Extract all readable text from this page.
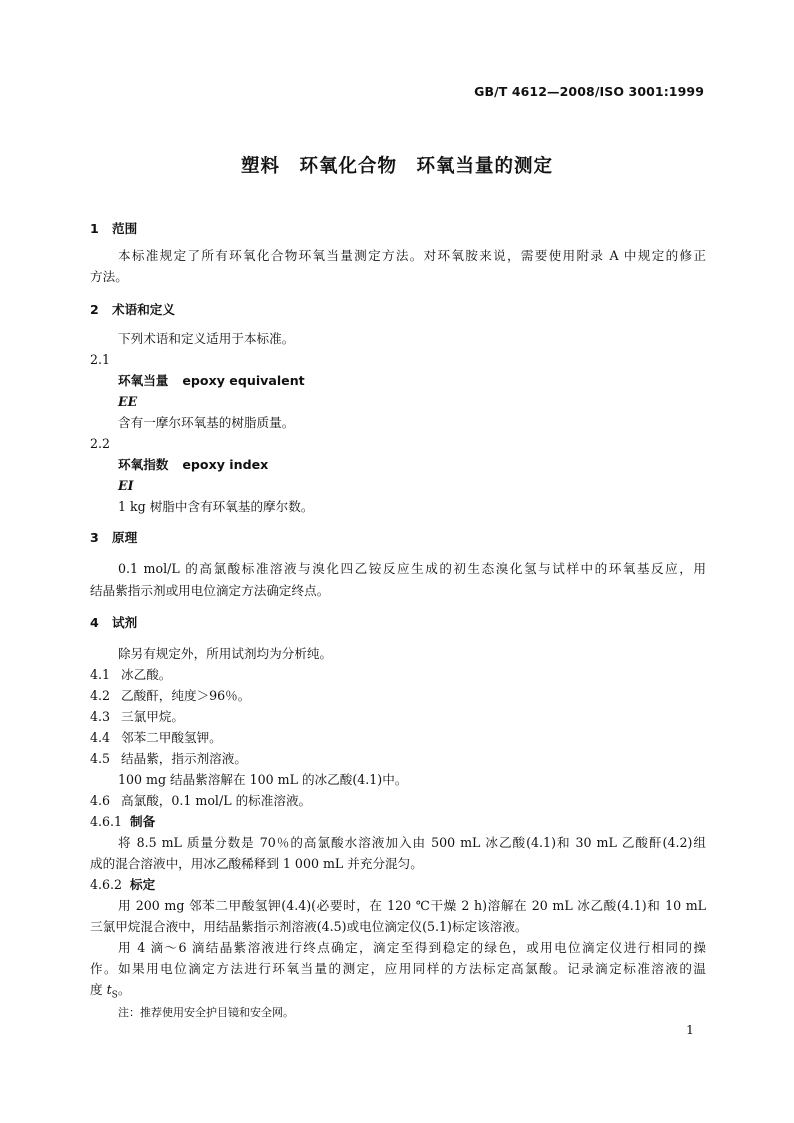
GB/T 4612—2008/ISO 3001:1999
塑料　环氧化合物　环氧当量的测定
1 范围
本标准规定了所有环氧化合物环氧当量测定方法。对环氧胺来说，需要使用附录 A 中规定的修正
方法。
2 术语和定义
下列术语和定义适用于本标准。
2.1
环氧当量 epoxy equivalent
EE
含有一摩尔环氧基的树脂质量。
2.2
环氧指数 epoxy index
EI
1 kg 树脂中含有环氧基的摩尔数。
3 原理
0.1 mol/L 的高氯酸标准溶液与溴化四乙铵反应生成的初生态溴化氢与试样中的环氧基反应，用
结晶紫指示剂或用电位滴定方法确定终点。
4 试剂
除另有规定外，所用试剂均为分析纯。
4.1 冰乙酸。
4.2 乙酸酐，纯度＞96％。
4.3 三氯甲烷。
4.4 邻苯二甲酸氢钾。
4.5 结晶紫，指示剂溶液。
100 mg 结晶紫溶解在 100 mL 的冰乙酸(4.1)中。
4.6 高氯酸，0.1 mol/L 的标准溶液。
4.6.1 制备
将 8.5 mL 质量分数是 70％的高氯酸水溶液加入由 500 mL 冰乙酸(4.1)和 30 mL 乙酸酐(4.2)组
成的混合溶液中，用冰乙酸稀释到 1 000 mL 并充分混匀。
4.6.2 标定
用 200 mg 邻苯二甲酸氢钾(4.4)(必要时，在 120 ℃干燥 2 h)溶解在 20 mL 冰乙酸(4.1)和 10 mL
三氯甲烷混合液中，用结晶紫指示剂溶液(4.5)或电位滴定仪(5.1)标定该溶液。
用 4 滴～6 滴结晶紫溶液进行终点确定，滴定至得到稳定的绿色，或用电位滴定仪进行相同的操
作。如果用电位滴定方法进行环氧当量的测定，应用同样的方法标定高氯酸。记录滴定标准溶液的温
度 $t_S$。
注：推荐使用安全护目镜和安全网。
1
